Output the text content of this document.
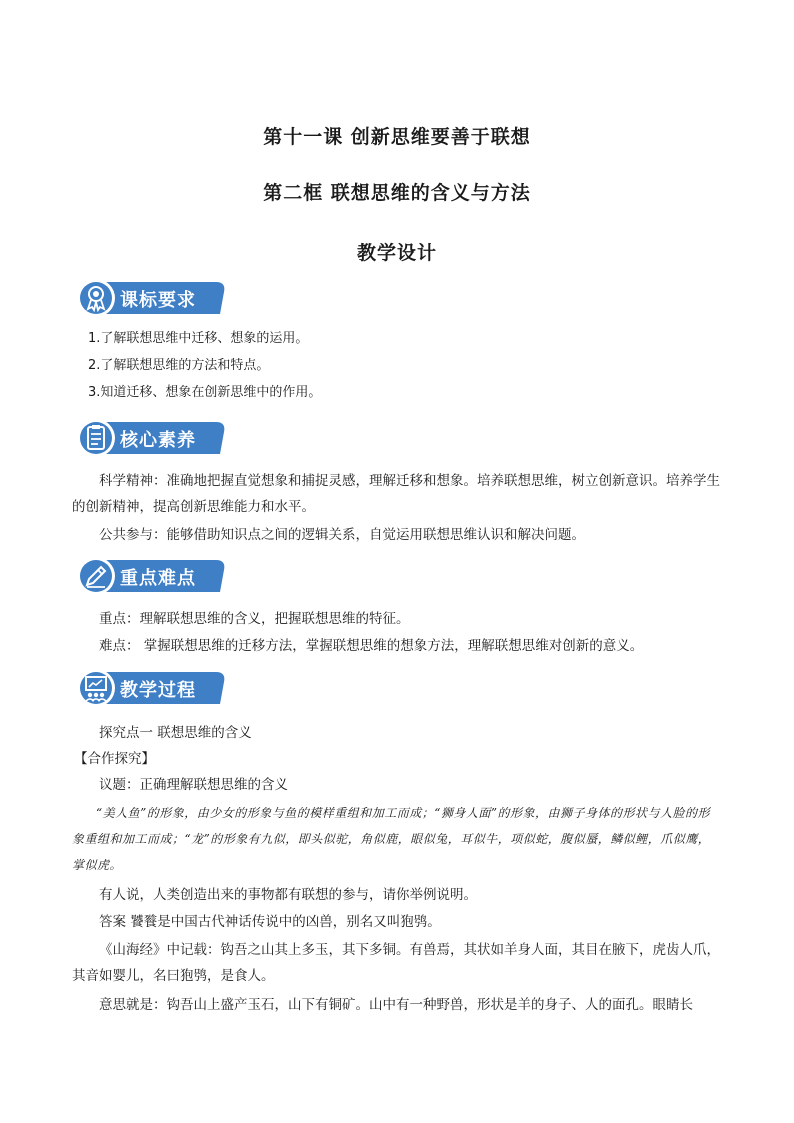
第十一课 创新思维要善于联想
第二框 联想思维的含义与方法
教学设计
课标要求
1.了解联想思维中迁移、想象的运用。
2.了解联想思维的方法和特点。
3.知道迁移、想象在创新思维中的作用。
核心素养
科学精神：准确地把握直觉想象和捕捉灵感，理解迁移和想象。培养联想思维，树立创新意识。培养学生的创新精神，提高创新思维能力和水平。
公共参与：能够借助知识点之间的逻辑关系，自觉运用联想思维认识和解决问题。
重点难点
重点：理解联想思维的含义，把握联想思维的特征。
难点： 掌握联想思维的迁移方法，掌握联想思维的想象方法，理解联想思维对创新的意义。
教学过程
探究点一 联想思维的含义
【合作探究】
议题：正确理解联想思维的含义
“美人鱼”的形象，由少女的形象与鱼的模样重组和加工而成；“狮身人面”的形象，由狮子身体的形状与人脸的形象重组和加工而成；“龙”的形象有九似，即头似驼，角似鹿，眼似兔，耳似牛，项似蛇，腹似蜃，鳞似鲤，爪似鹰，掌似虎。
有人说，人类创造出来的事物都有联想的参与，请你举例说明。
答案 饕餮是中国古代神话传说中的凶兽，别名又叫狍鸮。
《山海经》中记载：钩吾之山其上多玉，其下多铜。有兽焉，其状如羊身人面，其目在腋下，虎齿人爪，其音如婴儿，名曰狍鸮，是食人。
意思就是：钩吾山上盛产玉石，山下有铜矿。山中有一种野兽，形状是羊的身子、人的面孔。眼睛长
